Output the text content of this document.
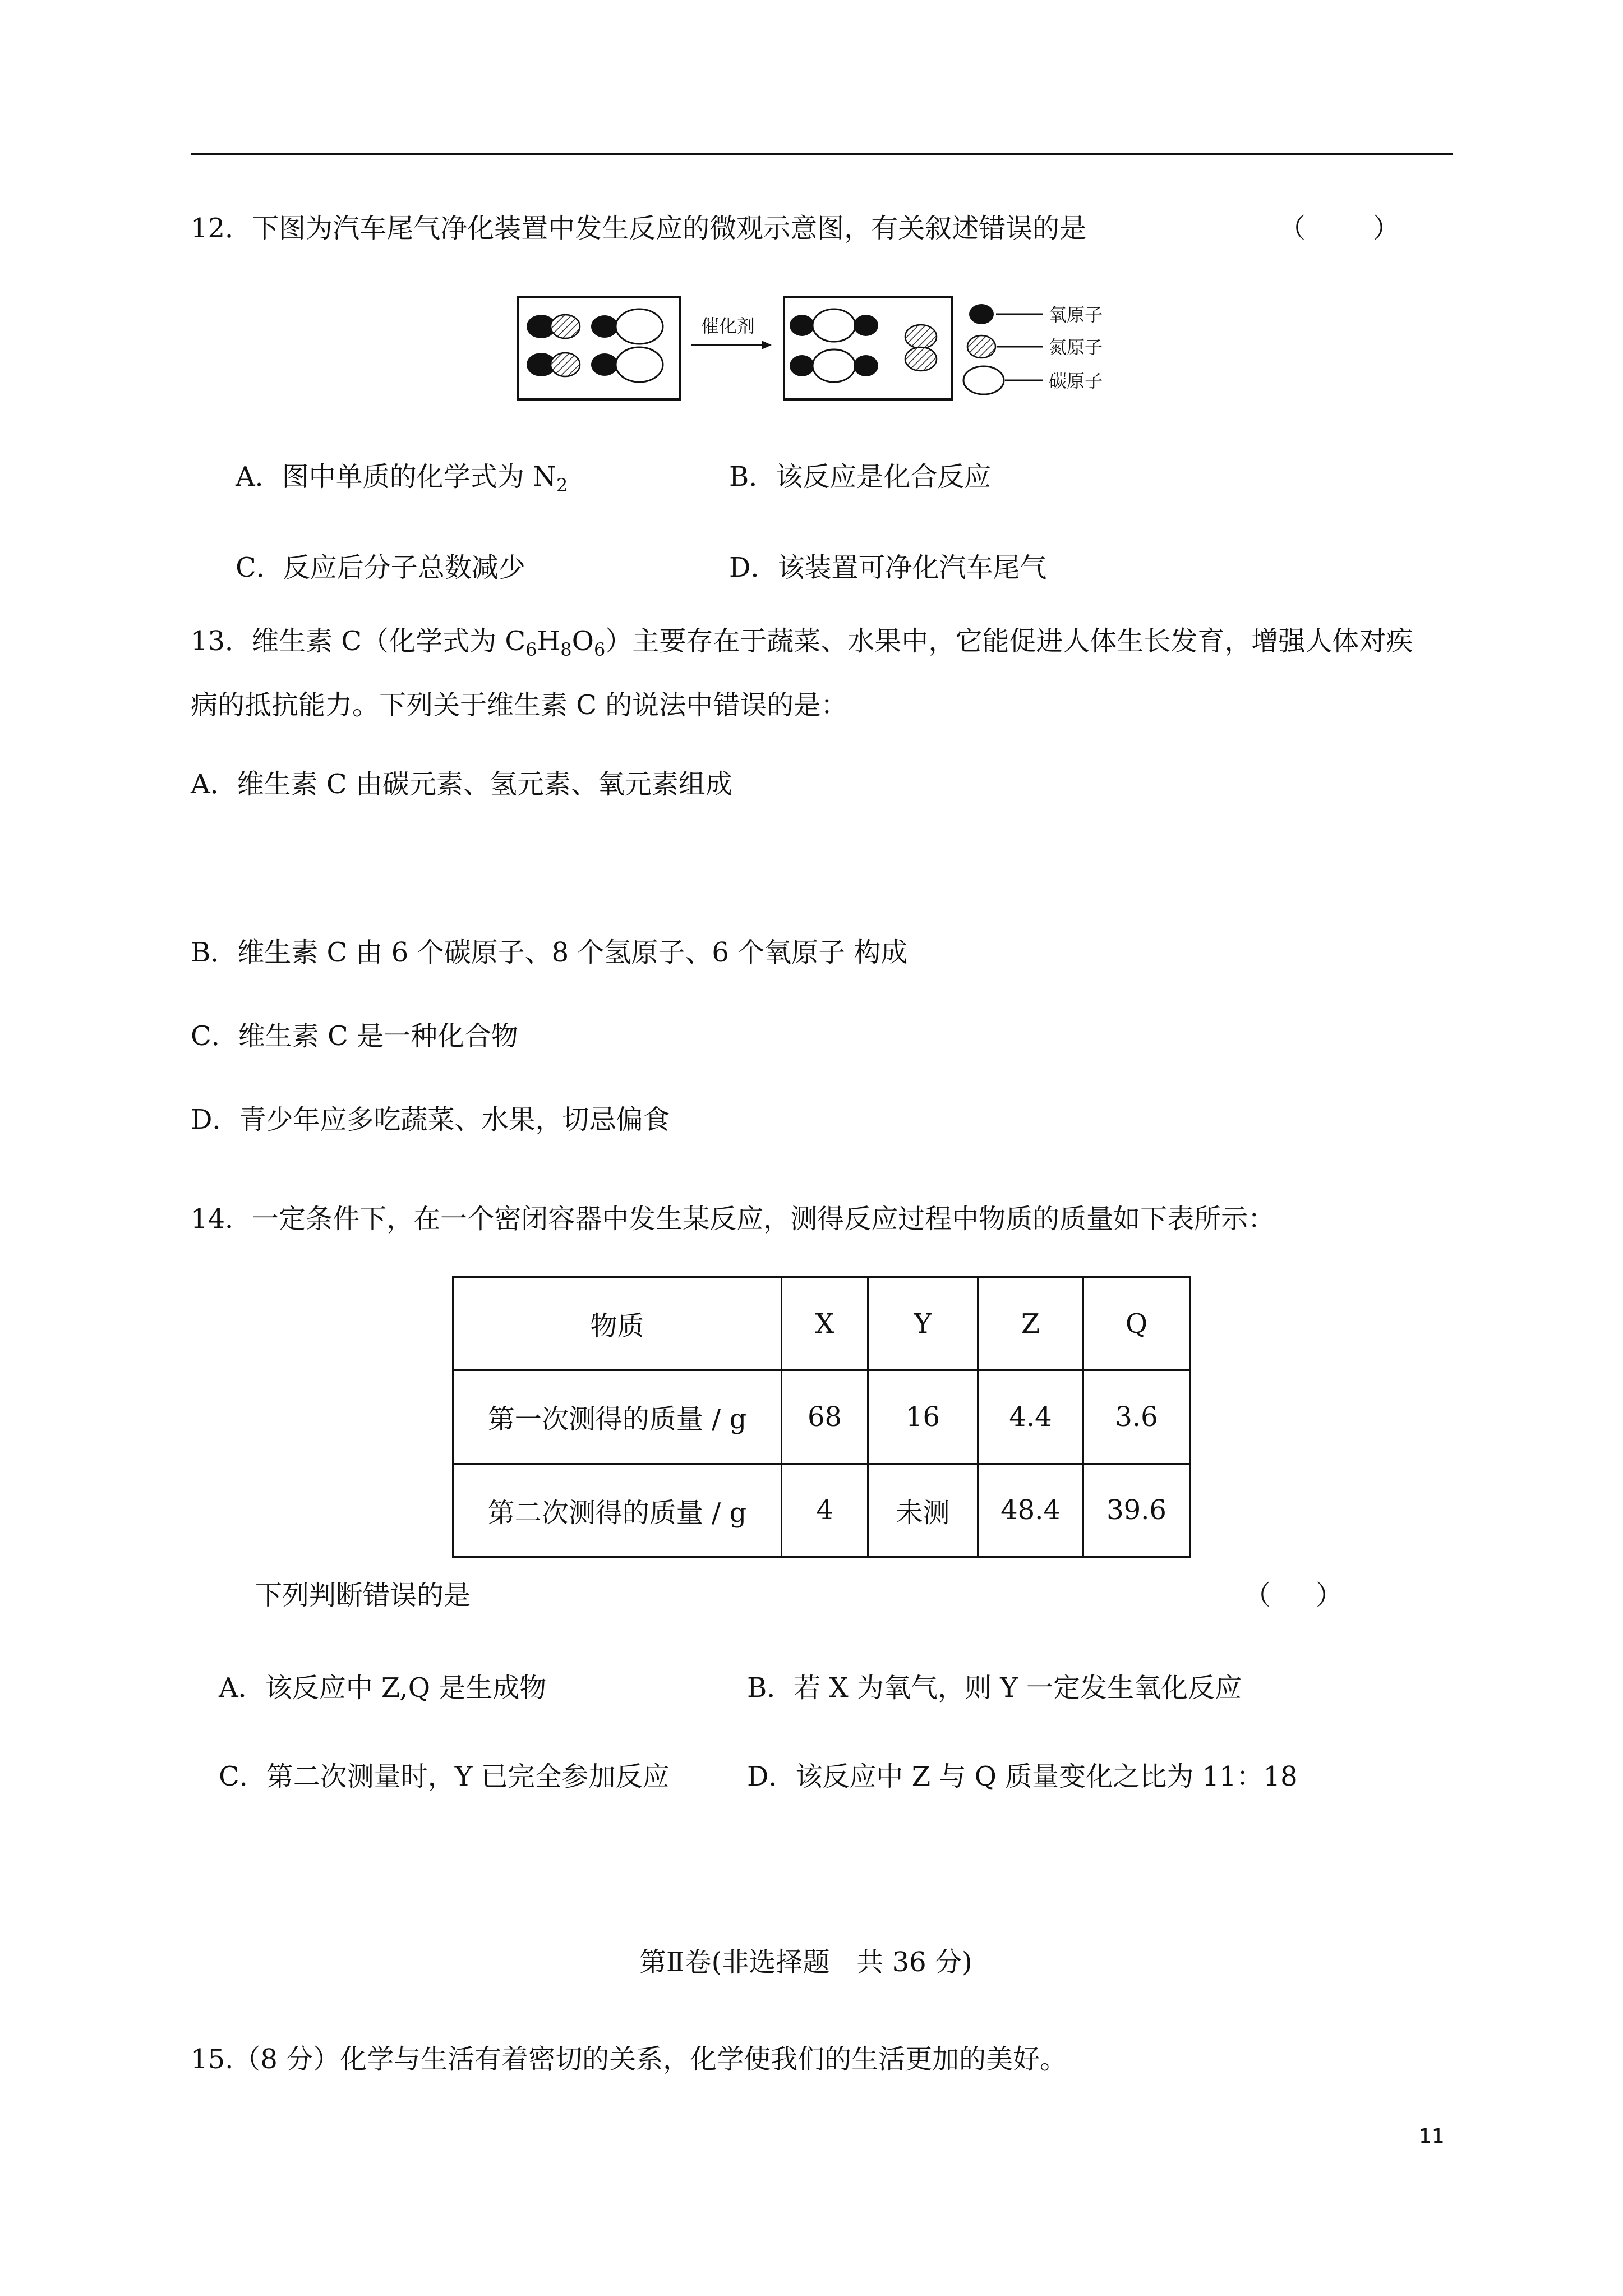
12．下图为汽车尾气净化装置中发生反应的微观示意图，有关叙述错误的是	（	）
催化剂
氧原子
氮原子
碳原子
A．图中单质的化学式为 $N_2$	B．该反应是化合反应
C．反应后分子总数减少	D．该装置可净化汽车尾气
13．维生素 C（化学式为 $C_6H_8O_6$）主要存在于蔬菜、水果中，它能促进人体生长发育，增强人体对疾
病的抵抗能力。下列关于维生素 C 的说法中错误的是：
A．维生素 C 由碳元素、氢元素、氧元素组成
B．维生素 C 由 6 个碳原子、8 个氢原子、6 个氧原子 构成
C．维生素 C 是一种化合物
D．青少年应多吃蔬菜、水果，切忌偏食
14．一定条件下，在一个密闭容器中发生某反应，测得反应过程中物质的质量如下表所示：
物质	X	Y	Z	Q
第一次测得的质量 / g	68	16	4.4	3.6
第二次测得的质量 / g	4	未测	48.4	39.6
下列判断错误的是	（ ）
A．该反应中 Z,Q 是生成物	B．若 X 为氧气，则 Y 一定发生氧化反应
C．第二次测量时，Y 已完全参加反应	D．该反应中 Z 与 Q 质量变化之比为 11：18
第Ⅱ卷(非选择题　共 36 分)
15.（8 分）化学与生活有着密切的关系，化学使我们的生活更加的美好。
11
